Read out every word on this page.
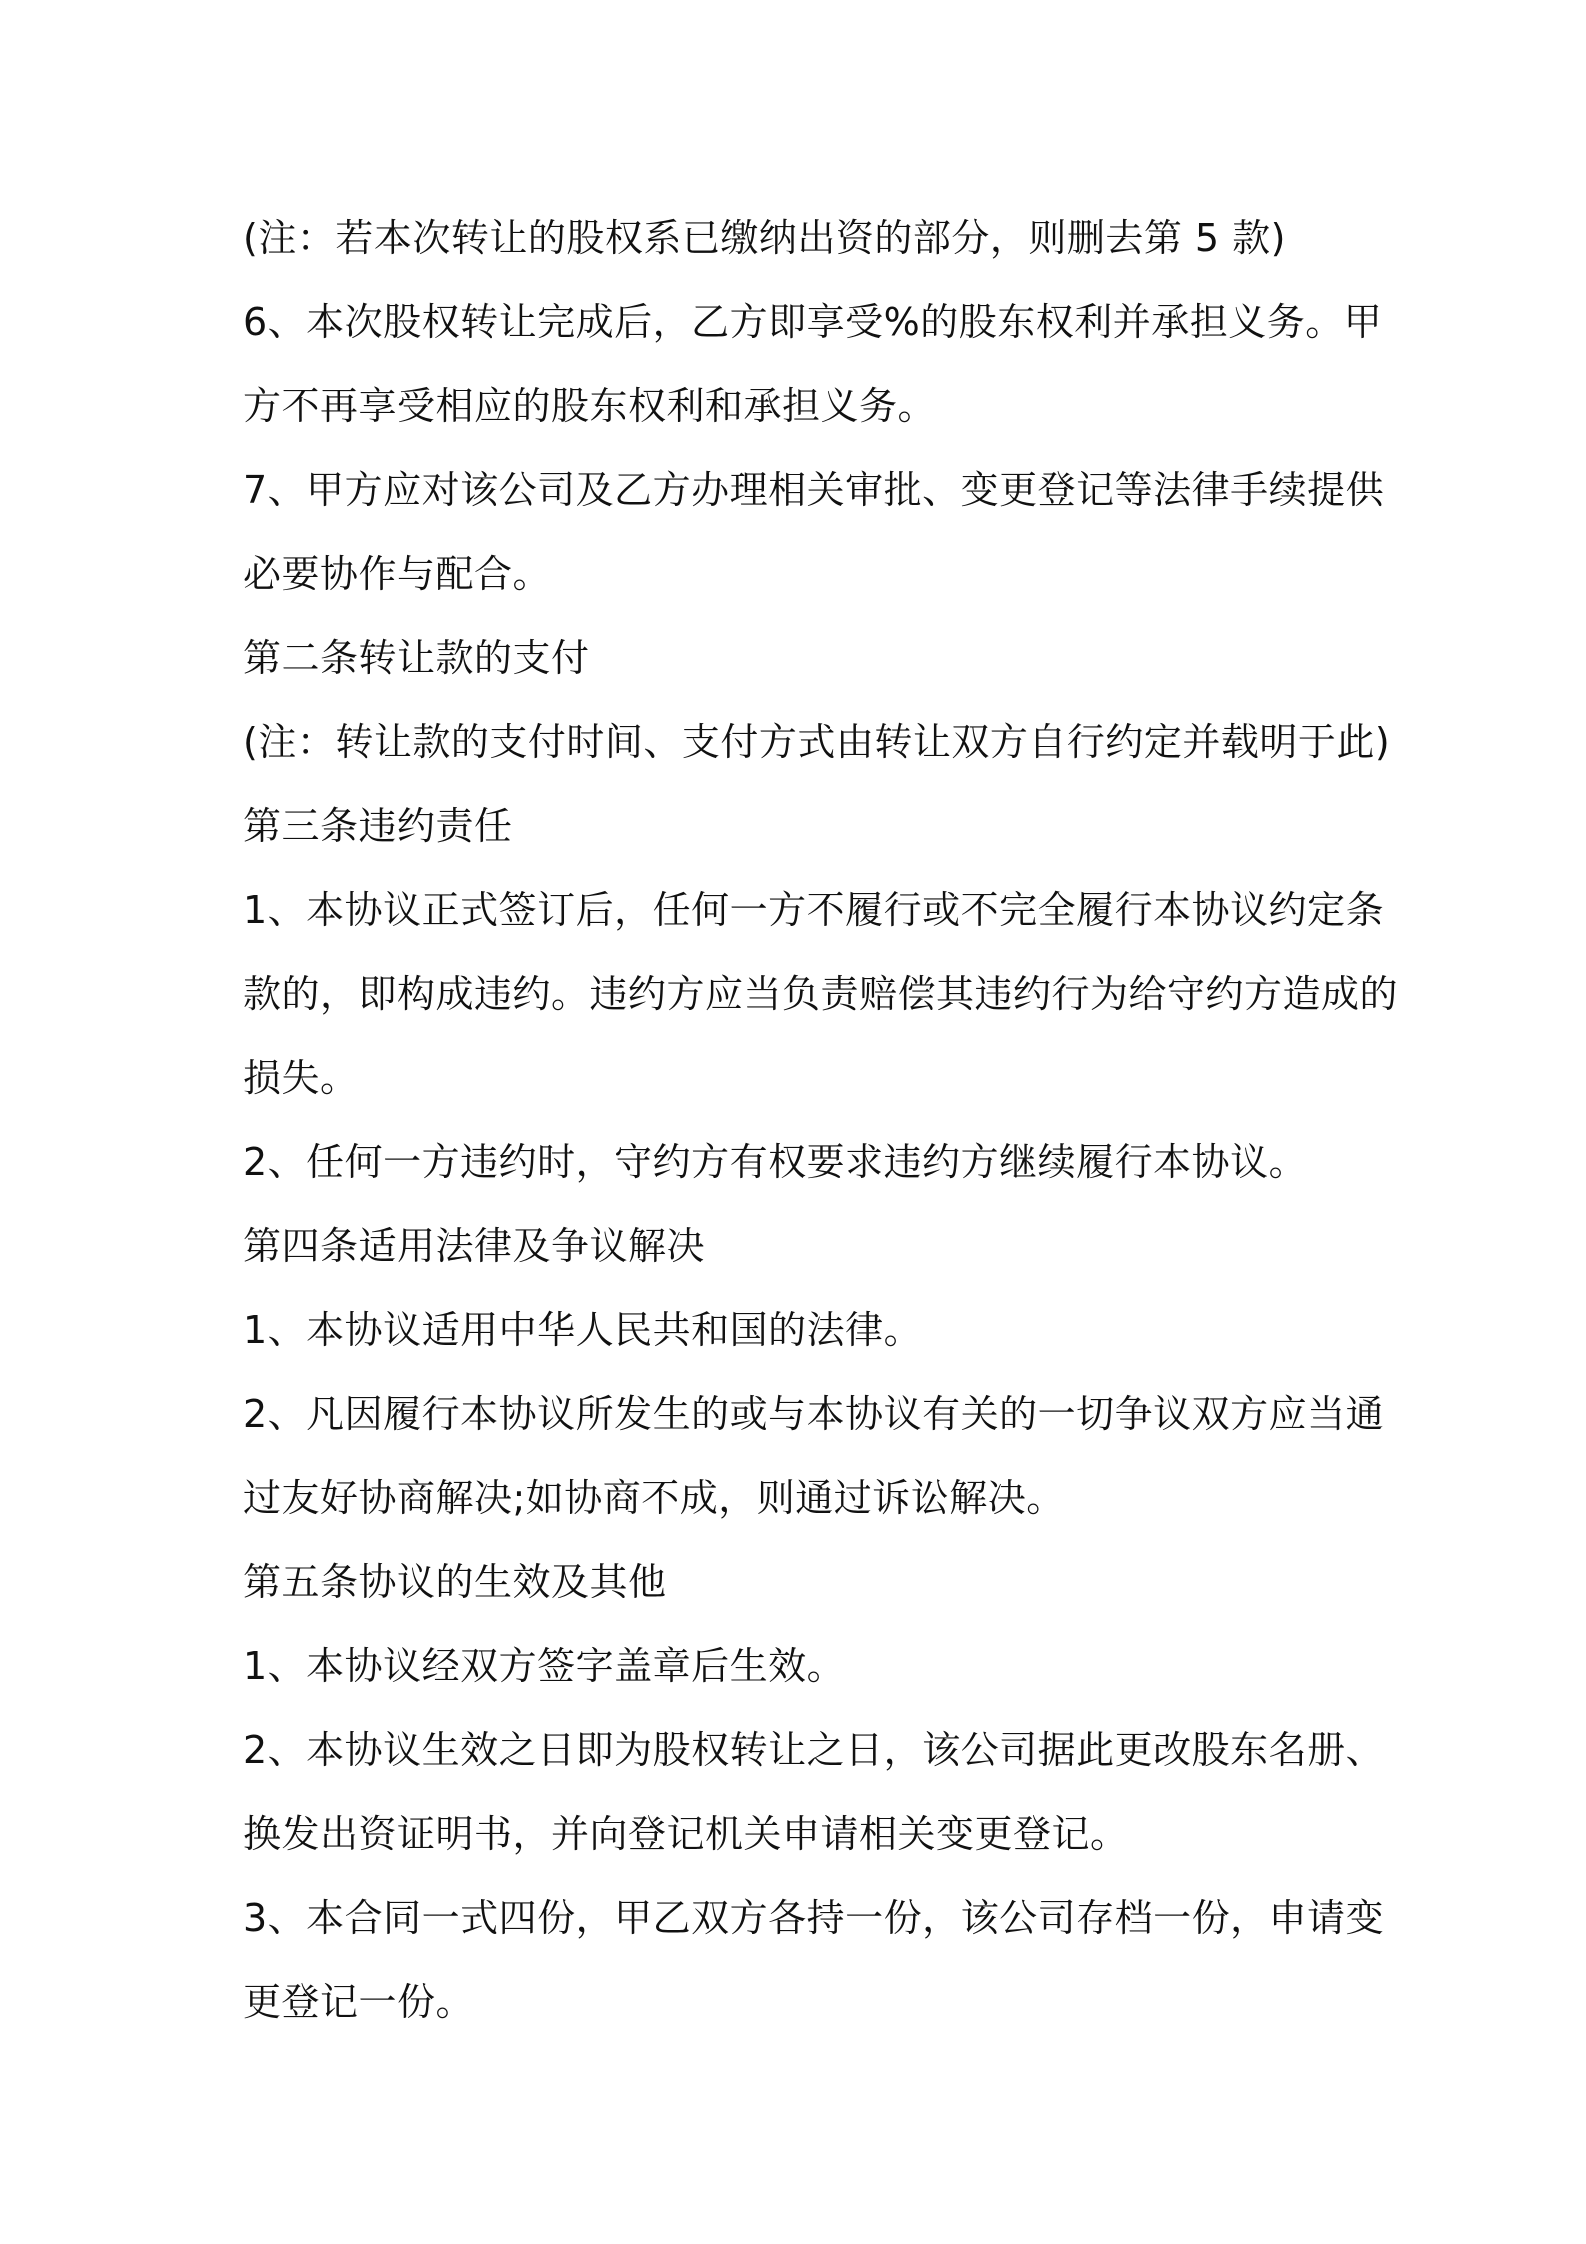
(注：若本次转让的股权系已缴纳出资的部分，则删去第 5 款)
6、本次股权转让完成后，乙方即享受%的股东权利并承担义务。甲
方不再享受相应的股东权利和承担义务。
7、甲方应对该公司及乙方办理相关审批、变更登记等法律手续提供
必要协作与配合。
第二条转让款的支付
(注：转让款的支付时间、支付方式由转让双方自行约定并载明于此)
第三条违约责任
1、本协议正式签订后，任何一方不履行或不完全履行本协议约定条
款的，即构成违约。违约方应当负责赔偿其违约行为给守约方造成的
损失。
2、任何一方违约时，守约方有权要求违约方继续履行本协议。
第四条适用法律及争议解决
1、本协议适用中华人民共和国的法律。
2、凡因履行本协议所发生的或与本协议有关的一切争议双方应当通
过友好协商解决;如协商不成，则通过诉讼解决。
第五条协议的生效及其他
1、本协议经双方签字盖章后生效。
2、本协议生效之日即为股权转让之日，该公司据此更改股东名册、
换发出资证明书，并向登记机关申请相关变更登记。
3、本合同一式四份，甲乙双方各持一份，该公司存档一份，申请变
更登记一份。
